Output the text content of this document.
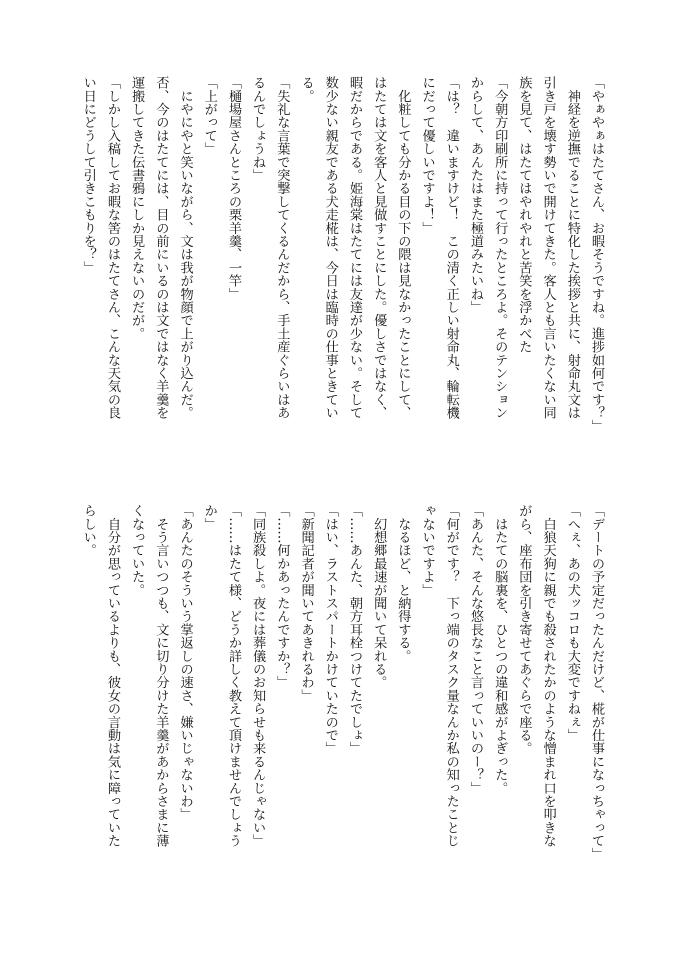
「やぁやぁはたてさん、お暇そうですね。進捗如何です？」
　神経を逆撫でることに特化した挨拶と共に、射命丸文は
引き戸を壊す勢いで開けてきた。客人とも言いたくない同
族を見て、はたてはやれやれと苦笑を浮かべた
「今朝方印刷所に持って行ったところよ。そのテンション
からして、あんたはまた極道みたいね」
「は？　違いますけど！　この清く正しい射命丸、輪転機
にだって優しいですよ！」
　化粧しても分かる目の下の隈は見なかったことにして、
はたては文を客人と見做すことにした。優しさではなく、
暇だからである。姫海棠はたてには友達が少ない。そして
数少ない親友である犬走椛は、今日は臨時の仕事ときてい
る。
「失礼な言葉で突撃してくるんだから、手土産ぐらいはあ
るんでしょうね」
「樋場屋さんところの栗羊羹、一竿」
「上がって」
　にやにやと笑いながら、文は我が物顔で上がり込んだ。
否、今のはたてには、目の前にいるのは文ではなく羊羹を
運搬してきた伝書鴉にしか見えないのだが。
「しかし入稿してお暇な筈のはたてさん、こんな天気の良
い日にどうして引きこもりを？」
「デートの予定だったんだけど、椛が仕事になっちゃって」
「へぇ、あの犬ッコロも大変ですねぇ」
　白狼天狗に親でも殺されたかのような憎まれ口を叩きな
がら、座布団を引き寄せてあぐらで座る。
　はたての脳裏を、ひとつの違和感がよぎった。
「あんた、そんな悠長なこと言っていいのー？」
「何がです？　下っ端のタスク量なんか私の知ったことじ
ゃないですよ」
　なるほど、と納得する。
　幻想郷最速が聞いて呆れる。
「……あんた、朝方耳栓つけてたでしょ」
「はい、ラストスパートかけていたので」
「新聞記者が聞いてあきれるわ」
「……何かあったんですか？」
「同族殺しよ。夜には葬儀のお知らせも来るんじゃない」
「……はたて様、どうか詳しく教えて頂けませんでしょう
か」
「あんたのそういう掌返しの速さ、嫌いじゃないわ」
　そう言いつつも、文に切り分けた羊羹があからさまに薄
くなっていた。
　自分が思っているよりも、彼女の言動は気に障っていた
らしい。
